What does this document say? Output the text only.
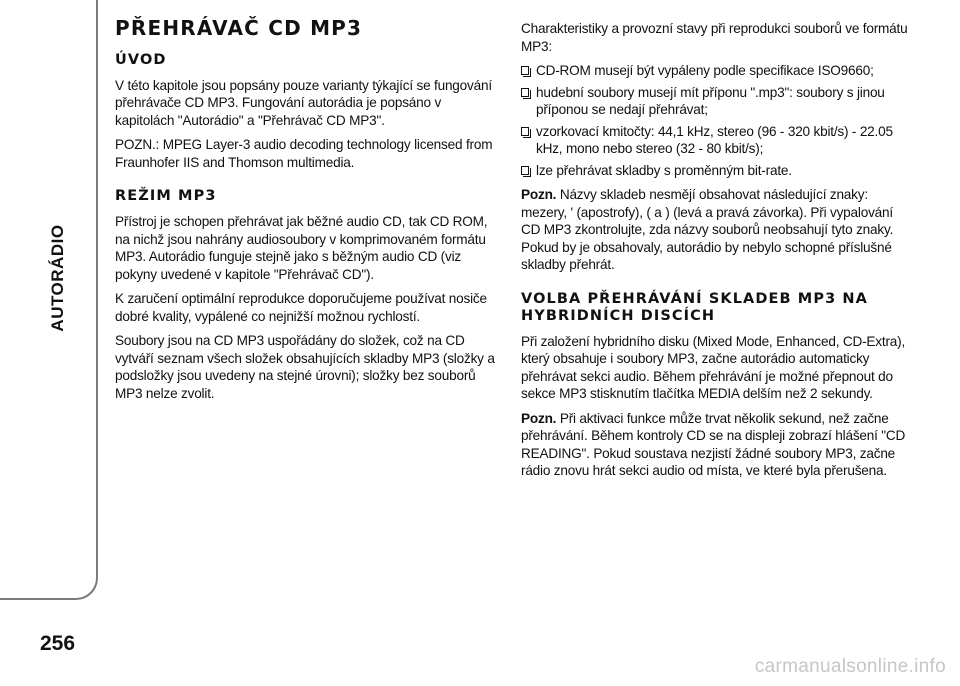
AUTORÁDIO
256
PŘEHRÁVAČ CD MP3
ÚVOD

V této kapitole jsou popsány pouze varianty týkající se fungování přehrávače CD MP3. Fungování autorádia je popsáno v kapitolách "Autorádio" a "Přehrávač CD MP3".

POZN.: MPEG Layer-3 audio decoding technology licensed from Fraunhofer IIS and Thomson multimedia.

REŽIM MP3

Přístroj je schopen přehrávat jak běžné audio CD, tak CD ROM, na nichž jsou nahrány audiosoubory v komprimovaném formátu MP3. Autorádio funguje stejně jako s běžným audio CD (viz pokyny uvedené v kapitole "Přehrávač CD").

K zaručení optimální reprodukce doporučujeme používat nosiče dobré kvality, vypálené co nejnižší možnou rychlostí.

Soubory jsou na CD MP3 uspořádány do složek, což na CD vytváří seznam všech složek obsahujících skladby MP3 (složky a podsložky jsou uvedeny na stejné úrovni); složky bez souborů MP3 nelze zvolit.

Charakteristiky a provozní stavy při reprodukci souborů ve formátu MP3:

CD-ROM musejí být vypáleny podle specifikace ISO9660;
hudební soubory musejí mít příponu ".mp3": soubory s jinou příponou se nedají přehrávat;
vzorkovací kmitočty: 44,1 kHz, stereo (96 - 320 kbit/s) - 22.05 kHz, mono nebo stereo (32 - 80 kbit/s);
lze přehrávat skladby s proměnným bit-rate.

Pozn. Názvy skladeb nesmějí obsahovat následující znaky: mezery, ' (apostrofy), ( a ) (levá a pravá závorka). Při vypalování CD MP3 zkontrolujte, zda názvy souborů neobsahují tyto znaky. Pokud by je obsahovaly, autorádio by nebylo schopné příslušné skladby přehrát.

VOLBA PŘEHRÁVÁNÍ SKLADEB MP3 NA HYBRIDNÍCH DISCÍCH

Při založení hybridního disku (Mixed Mode, Enhanced, CD-Extra), který obsahuje i soubory MP3, začne autorádio automaticky přehrávat sekci audio. Během přehrávání je možné přepnout do sekce MP3 stisknutím tlačítka MEDIA delším než 2 sekundy.

Pozn. Při aktivaci funkce může trvat několik sekund, než začne přehrávání. Během kontroly CD se na displeji zobrazí hlášení "CD READING". Pokud soustava nezjistí žádné soubory MP3, začne rádio znovu hrát sekci audio od místa, ve které byla přerušena.

carmanualsonline.info
